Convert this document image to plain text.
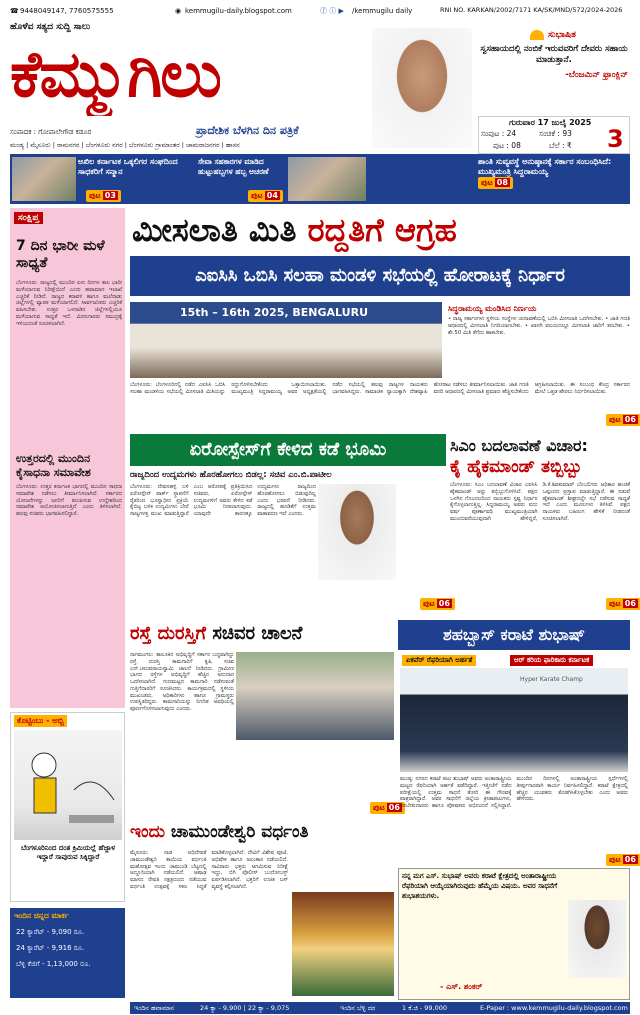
☎ 9448049147, 7760575555	◉ kemmugilu-daily.blogspot.com	ⓕ ⓘ ▶ /kemmugilu daily	RNI NO. KARKAN/2002/7171 KA/SK/MND/572/2024-2026
ಹೊಳೆವ ಸತ್ಯದ ಸುದ್ದಿ ಸಾಲು
ಕೆಮ್ಮುಗಿಲು
ಸಂಪಾದಕ : ಗೋಪಾಲೇಗೌಡ ಕಡೂರ	ಪ್ರಾದೇಶಿಕ ಬೆಳಗಿನ ದಿನ ಪತ್ರಿಕೆ
ಮಂಡ್ಯ | ಮೈಸೂರು | ರಾಮನಗರ | ಬೆಂಗಳೂರು ನಗರ | ಬೆಂಗಳೂರು ಗ್ರಾಮಾಂತರ | ಚಾಮರಾಜನಗರ | ಹಾಸನ
ಸುಭಾಷಿತ
ಸ್ವಸಹಾಯದಲ್ಲಿ ನಂಬಿಕೆ ಇರುವವರಿಗೆ ದೇವರು ಸಹಾಯ ಮಾಡುತ್ತಾನೆ.
-ಬೆಂಜಮಿನ್ ಫ್ರಾಂಕ್ಲಿನ್
ಗುರುವಾರ 17 ಜುಲೈ 2025
ಸಂಪುಟ : 24	ಸಂಚಿಕೆ : 93
ಪುಟ : 08	ಬೆಲೆ : ₹ 3
ಅಖಿಲ ಕರ್ನಾಟಕ ಒಕ್ಕಲಿಗರ ಸಂಘದಿಂದ ಸಾಧಕರಿಗೆ ಸನ್ಮಾನ
ಪುಟ 03
ಸೇವಾ ಸಹಕಾರಗಳ ಮಾಡಿದ ಹುಟ್ಟುಹಬ್ಬಗಳ ಹಬ್ಬ ಆಚರಣೆ
ಪುಟ 04
ಶಾಂತಿ ಸುವ್ಯವಸ್ಥೆ ಅನುಷ್ಠಾನಕ್ಕೆ ಸರ್ಕಾರ ಸಂಬಂಧಿಸಿದೆ: ಮುಖ್ಯಮಂತ್ರಿ ಸಿದ್ದರಾಮಯ್ಯ
ಪುಟ 08
ಸಂಕ್ಷಿಪ್ತ
7 ದಿನ ಭಾರೀ ಮಳೆ ಸಾಧ್ಯತೆ
ಬೆಂಗಳೂರು: ರಾಜ್ಯದಲ್ಲಿ ಮುಂದಿನ ಏಳು ದಿನಗಳ ಕಾಲ ಭಾರೀ ಮಳೆಯಾಗುವ ನಿರೀಕ್ಷೆಯಿದೆ ಎಂದು ಹವಾಮಾನ ಇಲಾಖೆ ಎಚ್ಚರಿಕೆ ನೀಡಿದೆ. ರಾಜ್ಯದ ಕರಾವಳಿ ಹಾಗೂ ಮಲೆನಾಡು ಜಿಲ್ಲೆಗಳಲ್ಲಿ ವ್ಯಾಪಕ ಮಳೆಯಾಗಲಿದೆ. ಸಾರ್ವಜನಿಕರು ಎಚ್ಚರಿಕೆ ವಹಿಸಬೇಕು. ಉತ್ತರ ಒಳನಾಡಿನ ಜಿಲ್ಲೆಗಳಲ್ಲಿಯೂ ಮಳೆಯಾಗುವ ಸಾಧ್ಯತೆ ಇದೆ. ಮೀನುಗಾರರು ಸಮುದ್ರಕ್ಕೆ ಇಳಿಯದಂತೆ ಸೂಚಿಸಲಾಗಿದೆ.
ಉತ್ತರದಲ್ಲಿ ಮುಂದಿನ ಕೈಸಾಧನಾ ಸಮಾವೇಶ
ಬೆಂಗಳೂರು: ಉತ್ತರ ಕರ್ನಾಟಕ ಭಾಗದಲ್ಲಿ ಮುಂದಿನ ಸಾಧನಾ ಸಮಾವೇಶ ನಡೆಸಲು ತೀರ್ಮಾನಿಸಲಾಗಿದೆ. ಸರ್ಕಾರದ ಯೋಜನೆಗಳನ್ನು ಜನರಿಗೆ ತಲುಪಿಸುವ ಉದ್ದೇಶದಿಂದ ಸಮಾವೇಶ ಆಯೋಜಿಸಲಾಗುತ್ತಿದೆ ಎಂದು ತಿಳಿಸಲಾಗಿದೆ. ಹಲವು ಸಚಿವರು ಭಾಗವಹಿಸಲಿದ್ದಾರೆ.
ಕೊಟ್ಟಿಂಬು - ಅಬ್ಬಿ
ಬೆಂಗಳೂರಿನಿಂದ ದಂತ ಕ್ರಿಮಿಯಲ್ಲೆ ಹೆಜ್ಜಾಳ ಇದ್ದಾರೆ ಸಾವುರುವ ಸಿಕ್ಕಿದ್ದಾರೆ
ಇಂದಿನ ಚಿನ್ನದ ಮಾರ್ಕ
22 ಕ್ಯಾರೆಟ್ - 9,090 ರೂ.
24 ಕ್ಯಾರೆಟ್ - 9,916 ರೂ.
ಬೆಳ್ಳಿ ಕೆಜಿಗೆ - 1,13,000 ರೂ.
ಮೀಸಲಾತಿ ಮಿತಿ ರದ್ದತಿಗೆ ಆಗ್ರಹ
ಎಐಸಿಸಿ ಒಬಿಸಿ ಸಲಹಾ ಮಂಡಳಿ ಸಭೆಯಲ್ಲಿ ಹೋರಾಟಕ್ಕೆ ನಿರ್ಧಾರ
15th – 16th 2025, BENGALURU	ಸಿದ್ಧರಾಮಯ್ಯ ಮಂಡಿಸಿದ ನಿರ್ಣಯ
• ರಾಜ್ಯ ಸರ್ಕಾರಗಳು ಸ್ಥಳೀಯ ಸಂಸ್ಥೆಗಳ ಚುನಾವಣೆಯಲ್ಲಿ ಒಬಿಸಿ ಮೀಸಲಾತಿ ಒದಗಿಸಬೇಕು. • ಜಾತಿ ಗಣತಿ ಆಧಾರದಲ್ಲಿ ಮೀಸಲಾತಿ ನಿಗದಿಯಾಗಬೇಕು. • ಖಾಸಗಿ ವಲಯದಲ್ಲೂ ಮೀಸಲಾತಿ ಜಾರಿಗೆ ತರಬೇಕು. • ಶೇ.50 ಮಿತಿ ತೆಗೆದು ಹಾಕಬೇಕು.
ಬೆಂಗಳೂರು: ಬೆಂಗಳೂರಿನಲ್ಲಿ ನಡೆದ ಎಐಸಿಸಿ ಒಬಿಸಿ ಸಲಹಾ ಮಂಡಳಿಯ ಸಭೆಯಲ್ಲಿ ಮೀಸಲಾತಿ ಮಿತಿಯನ್ನು ರದ್ದುಗೊಳಿಸಬೇಕೆಂದು ಒತ್ತಾಯಿಸಲಾಯಿತು. ಮುಖ್ಯಮಂತ್ರಿ ಸಿದ್ದರಾಮಯ್ಯ ಅವರ ಅಧ್ಯಕ್ಷತೆಯಲ್ಲಿ ನಡೆದ ಸಭೆಯಲ್ಲಿ ಹಲವು ರಾಜ್ಯಗಳ ನಾಯಕರು ಭಾಗವಹಿಸಿದ್ದರು. ಸಾಮಾಜಿಕ ನ್ಯಾಯಕ್ಕಾಗಿ ದೇಶವ್ಯಾಪಿ ಹೋರಾಟ ನಡೆಸಲು ತೀರ್ಮಾನಿಸಲಾಯಿತು. ಜಾತಿ ಗಣತಿ ವರದಿ ಆಧಾರದಲ್ಲಿ ಮೀಸಲಾತಿ ಪ್ರಮಾಣ ಹೆಚ್ಚಿಸಬೇಕೆಂದು ಆಗ್ರಹಿಸಲಾಯಿತು. ಈ ಸಂಬಂಧ ಕೇಂದ್ರ ಸರ್ಕಾರದ ಮೇಲೆ ಒತ್ತಡ ಹೇರಲು ನಿರ್ಧರಿಸಲಾಯಿತು.
ಪುಟ 06
ಏರೋಸ್ಪೇಸ್‌ಗೆ ಕೇಳಿದ ಕಡೆ ಭೂಮಿ
ರಾಜ್ಯದಿಂದ ಉದ್ಯಮಗಳು ಹೊರಹೋಗಲು ಬಿಡಲ್ಲ: ಸಚಿವ ಎಂ.ಬಿ.ಪಾಟೀಲ
ಬೆಂಗಳೂರು: ದೇವನಹಳ್ಳಿ ಬಳಿ ಏರೋಸ್ಪೇಸ್ ಪಾರ್ಕ್ ಸ್ಥಾಪನೆಗೆ ರೈತರಿಂದ ಭೂಸ್ವಾಧೀನ ಪ್ರಕ್ರಿಯೆ ಕೈಬಿಟ್ಟ ಬಳಿಕ ಉದ್ಯಮಿಗಳು ಬೇರೆ ರಾಜ್ಯಗಳತ್ತ ಮುಖ ಮಾಡುತ್ತಿದ್ದಾರೆ ಎಂಬ ಆರೋಪಕ್ಕೆ ಪ್ರತಿಕ್ರಿಯಿಸಿದ ಸಚಿವರು, ಏರೋಸ್ಪೇಸ್ ಉದ್ಯಮಗಳಿಗೆ ಅವರು ಕೇಳಿದ ಕಡೆ ಭೂಮಿ ನೀಡಲಾಗುವುದು. ಯಾವುದೇ ಕಾರಣಕ್ಕೂ ಉದ್ಯಮಗಳು ರಾಜ್ಯದಿಂದ ಹೊರಹೋಗಲು ಬಿಡುವುದಿಲ್ಲ ಎಂದು ಭರವಸೆ ನೀಡಿದರು. ರಾಜ್ಯದಲ್ಲಿ ಹೂಡಿಕೆಗೆ ಉತ್ತಮ ವಾತಾವರಣ ಇದೆ ಎಂದರು.
ಪುಟ 06
ಸಿಎಂ ಬದಲಾವಣೆ ವಿಚಾರ:
ಕೈ ಹೈಕಮಾಂಡ್ ತಬ್ಬಿಬ್ಬು
ಬೆಂಗಳೂರು: ಸಿಎಂ ಬದಲಾವಣೆ ವಿಚಾರ ಎಐಸಿಸಿ ಹೈಕಮಾಂಡ್ ಅನ್ನು ತಬ್ಬಿಬ್ಬುಗೊಳಿಸಿದೆ. ಪಕ್ಷದ ಒಳಗಿನ ಗೊಂದಲದಿಂದ ನಾಯಕರು ಸ್ಪಷ್ಟ ನಿರ್ಧಾರ ಕೈಗೊಳ್ಳಲಾಗುತ್ತಿಲ್ಲ. ಸಿದ್ದರಾಮಯ್ಯ ಅವರು ಐದು ವರ್ಷ ಪೂರ್ಣಾವಧಿ ಮುಖ್ಯಮಂತ್ರಿಯಾಗಿ ಮುಂದುವರೆಯುವುದಾಗಿ ಹೇಳಿದ್ದರೆ, ಡಿ.ಕೆ.ಶಿವಕುಮಾರ್ ಬೆಂಬಲಿಗರು ಅಧಿಕಾರ ಹಂಚಿಕೆ ಒಪ್ಪಂದದ ಪ್ರಸ್ತಾಪ ಮಾಡುತ್ತಿದ್ದಾರೆ. ಈ ನಡುವೆ ಹೈಕಮಾಂಡ್ ಶೀಘ್ರದಲ್ಲೇ ಸಭೆ ನಡೆಸುವ ಸಾಧ್ಯತೆ ಇದೆ ಎಂದು ಮೂಲಗಳು ತಿಳಿಸಿವೆ. ಪಕ್ಷದ ನಾಯಕರು ಬಹಿರಂಗ ಹೇಳಿಕೆ ನೀಡದಂತೆ ಸೂಚಿಸಲಾಗಿದೆ.
ಪುಟ 06
ರಸ್ತೆ ದುರಸ್ತಿಗೆ ಸಚಿವರ ಚಾಲನೆ
ನಾಗಮಂಗಲ: ತಾಲೂಕಿನ ಅಭಿವೃದ್ಧಿಗೆ ಸರ್ಕಾರ ಬದ್ಧವಾಗಿದ್ದು ರಸ್ತೆ ದುರಸ್ತಿ ಕಾಮಗಾರಿಗೆ ಕೃಷಿ ಸಚಿವ ಎನ್.ಚಲುವರಾಯಸ್ವಾಮಿ ಚಾಲನೆ ನೀಡಿದರು. ಗ್ರಾಮೀಣ ಭಾಗದ ರಸ್ತೆಗಳ ಅಭಿವೃದ್ಧಿಗೆ ಹೆಚ್ಚಿನ ಅನುದಾನ ಒದಗಿಸಲಾಗಿದೆ. ಗುಣಮಟ್ಟದ ಕಾಮಗಾರಿ ನಡೆಸುವಂತೆ ಗುತ್ತಿಗೆದಾರರಿಗೆ ಸೂಚಿಸಿದರು. ಕಾರ್ಯಕ್ರಮದಲ್ಲಿ ಸ್ಥಳೀಯ ಮುಖಂಡರು, ಅಧಿಕಾರಿಗಳು ಹಾಗೂ ಗ್ರಾಮಸ್ಥರು ಉಪಸ್ಥಿತರಿದ್ದರು. ಕಾಮಗಾರಿಯನ್ನು ನಿಗದಿತ ಅವಧಿಯಲ್ಲಿ ಪೂರ್ಣಗೊಳಿಸಲಾಗುವುದು ಎಂದರು.
ಪುಟ 06
ಶಹಬ್ಬಾಸ್ ಕರಾಟೆ ಶುಭಾಷ್
ಏಕವೆರ್ ರೆಫರಿಯಾಗಿ ಅರ್ಹತೆ	ಆರ್ ಕರಿಯ ಫಾರಿಕಾರು ಕರ್ನಾಟಕ
Hyper Karate Champ
ಮಂಡ್ಯ: ನಗರದ ಕರಾಟೆ ಪಟು ಶುಭಾಷ್ ಅವರು ಅಂತಾರಾಷ್ಟ್ರೀಯ ಮಟ್ಟದ ರೆಫರಿಯಾಗಿ ಅರ್ಹತೆ ಪಡೆದಿದ್ದಾರೆ. ಇತ್ತೀಚೆಗೆ ನಡೆದ ಪರೀಕ್ಷೆಯಲ್ಲಿ ಉತ್ತಮ ಸಾಧನೆ ತೋರಿ ಈ ಗೌರವಕ್ಕೆ ಪಾತ್ರರಾಗಿದ್ದಾರೆ. ಅವರ ಸಾಧನೆಗೆ ಜಿಲ್ಲೆಯ ಕ್ರೀಡಾಪಟುಗಳು, ತರಬೇತುದಾರರು ಹಾಗೂ ಪೋಷಕರು ಅಭಿನಂದನೆ ಸಲ್ಲಿಸಿದ್ದಾರೆ. ಮುಂದಿನ ದಿನಗಳಲ್ಲಿ ಅಂತಾರಾಷ್ಟ್ರೀಯ ಸ್ಪರ್ಧೆಗಳಲ್ಲಿ ತೀರ್ಪುಗಾರರಾಗಿ ಕಾರ್ಯ ನಿರ್ವಹಿಸಲಿದ್ದಾರೆ. ಕರಾಟೆ ಕ್ಷೇತ್ರದಲ್ಲಿ ಹೆಚ್ಚಿನ ಯುವಕರು ತೊಡಗಿಸಿಕೊಳ್ಳಬೇಕು ಎಂದು ಅವರು ಹೇಳಿದರು.
ಪುಟ 06
ಇಂದು ಚಾಮುಂಡೇಶ್ವರಿ ವರ್ಧಂತಿ
ಮೈಸೂರು: ನಾಡ ಅಧಿದೇವತೆ ಚಾಮುಂಡೇಶ್ವರಿ ತಾಯಿಯ ವರ್ಧಂತಿ ಮಹೋತ್ಸವ ಇಂದು ಚಾಮುಂಡಿ ಬೆಟ್ಟದಲ್ಲಿ ಅದ್ದೂರಿಯಾಗಿ ನಡೆಯಲಿದೆ. ಆಷಾಢ ಮಾಸದ ರೇವತಿ ನಕ್ಷತ್ರದಂದು ನಡೆಯುವ ವರ್ಧಂತಿ ಉತ್ಸವಕ್ಕೆ ಸಕಲ ಸಿದ್ಧತೆ ಮಾಡಿಕೊಳ್ಳಲಾಗಿದೆ. ದೇವಿಗೆ ವಿಶೇಷ ಪೂಜೆ, ಅಭಿಷೇಕ ಹಾಗೂ ಅಲಂಕಾರ ನಡೆಯಲಿದೆ. ಸಾವಿರಾರು ಭಕ್ತರು ಆಗಮಿಸುವ ನಿರೀಕ್ಷೆ ಇದ್ದು, ಬಿಗಿ ಪೊಲೀಸ್ ಬಂದೋಬಸ್ತ್ ಏರ್ಪಡಿಸಲಾಗಿದೆ. ಭಕ್ತರಿಗೆ ಉಚಿತ ಬಸ್ ವ್ಯವಸ್ಥೆ ಕಲ್ಪಿಸಲಾಗಿದೆ.
ನನ್ನ ಮಗ ಎಸ್. ಸುಭಾಷ್ ಅವರು ಕರಾಟೆ ಕ್ಷೇತ್ರದಲ್ಲಿ ಅಂತಾರಾಷ್ಟ್ರೀಯ ರೆಫರಿಯಾಗಿ ಆಯ್ಕೆಯಾಗಿರುವುದು ಹೆಮ್ಮೆಯ ವಿಷಯ. ಅವರ ಸಾಧನೆಗೆ ಶುಭಾಶಯಗಳು.
- ಎಸ್. ಶಂಕರ್
ಇಂದಿನ ಹವಾಮಾನ	24 ಕ್ಯಾ - 9,900 | 22 ಕ್ಯಾ - 9,075	ಇಂದಿನ ಬೆಳ್ಳಿ ದರ	1 ಕೆ.ಜಿ - 99,000	E-Paper : www.kemmugilu-daily.blogspot.com
